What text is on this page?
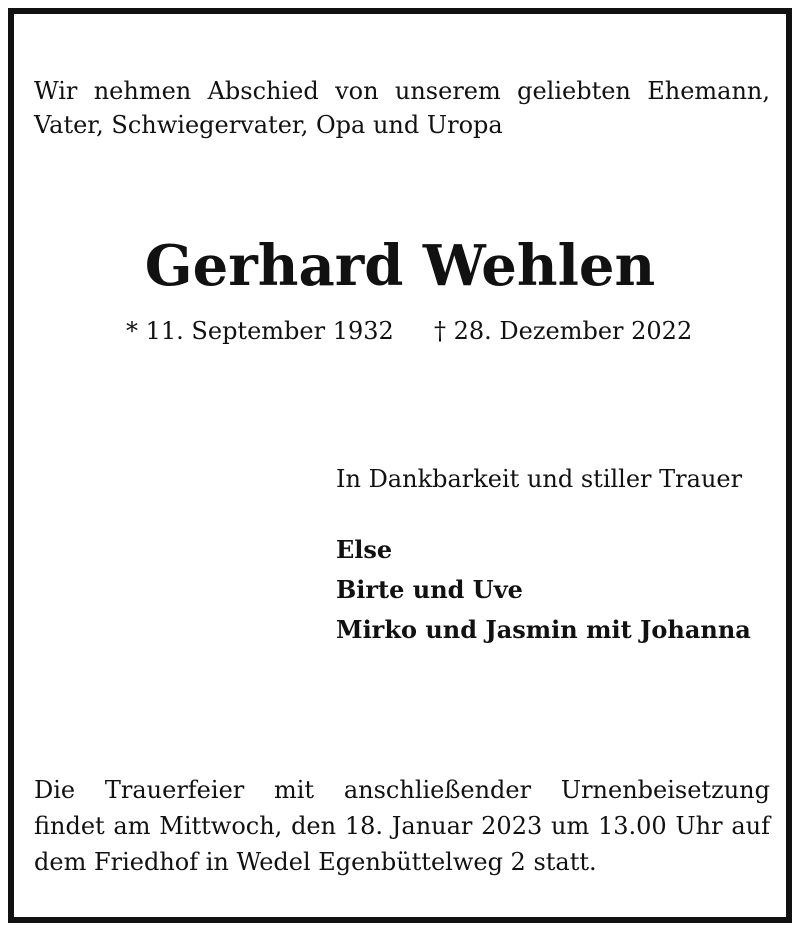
Wir nehmen Abschied von unserem geliebten Ehemann,
Vater, Schwiegervater, Opa und Uropa
Gerhard Wehlen
* 11. September 1932 † 28. Dezember 2022
In Dankbarkeit und stiller Trauer
Else
Birte und Uve
Mirko und Jasmin mit Johanna
Die Trauerfeier mit anschließender Urnenbeisetzung
findet am Mittwoch, den 18. Januar 2023 um 13.00 Uhr auf
dem Friedhof in Wedel Egenbüttelweg 2 statt.
